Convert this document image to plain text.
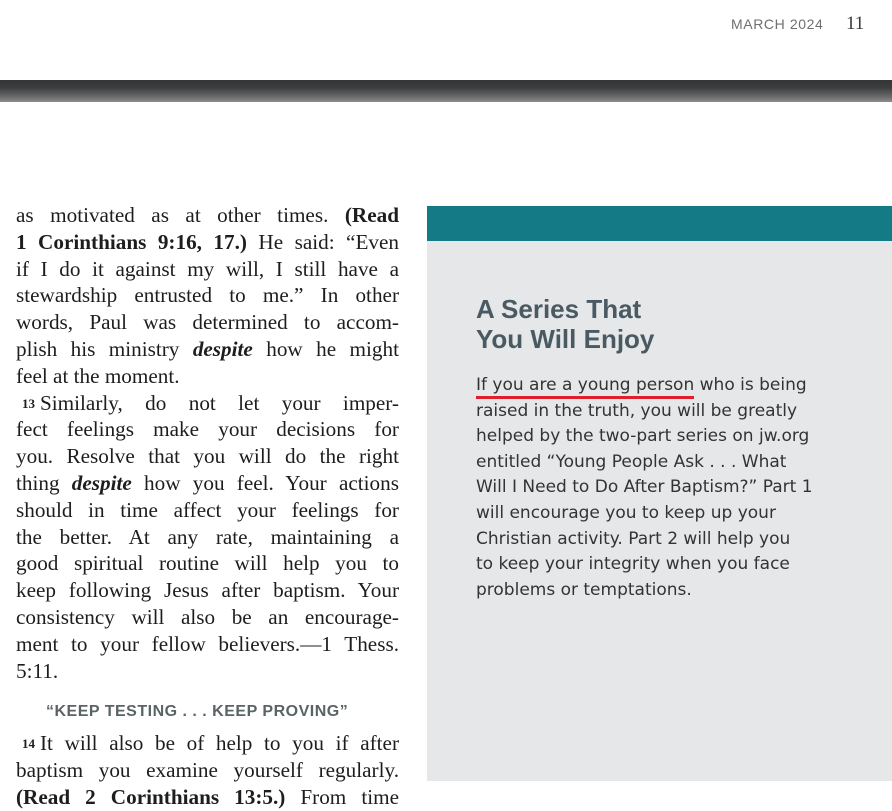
MARCH 2024 11
as motivated as at other times. (Read
1 Corinthians 9:16, 17.) He said: “Even
if I do it against my will, I still have a
stewardship entrusted to me.” In other
words, Paul was determined to accom-
plish his ministry despite how he might
feel at the moment.
13 Similarly, do not let your imper-
fect feelings make your decisions for
you. Resolve that you will do the right
thing despite how you feel. Your actions
should in time affect your feelings for
the better. At any rate, maintaining a
good spiritual routine will help you to
keep following Jesus after baptism. Your
consistency will also be an encourage-
ment to your fellow believers.—1 Thess.
5:11.
“KEEP TESTING . . . KEEP PROVING”
14 It will also be of help to you if after
baptism you examine yourself regularly.
(Read 2 Corinthians 13:5.) From time
A Series That
You Will Enjoy
If you are a young person who is being
raised in the truth, you will be greatly
helped by the two-part series on jw.org
entitled “Young People Ask . . . What
Will I Need to Do After Baptism?” Part 1
will encourage you to keep up your
Christian activity. Part 2 will help you
to keep your integrity when you face
problems or temptations.
